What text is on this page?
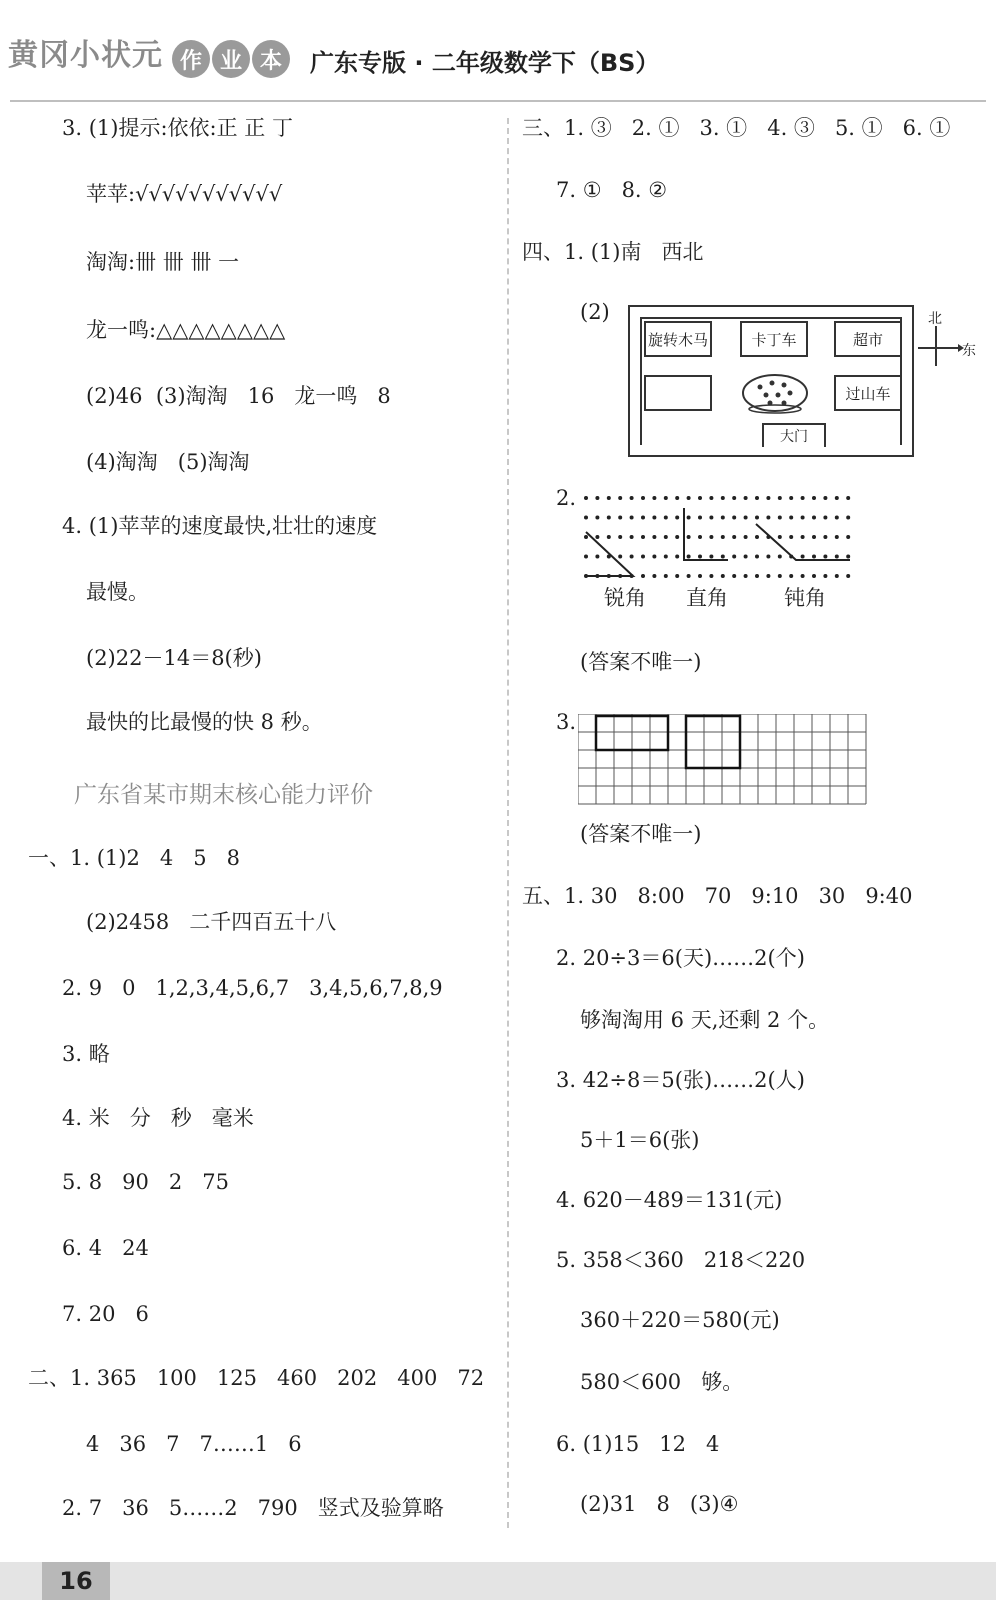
黄冈小状元 作 业 本	广东专版 · 二年级数学下（BS）
3. (1)提示:依依:正 正 丁
苹苹:√√√√√√√√√√√
淘淘:卌 卌 卌 一
龙一鸣:△△△△△△△△
(2)46  (3)淘淘   16   龙一鸣   8
(4)淘淘   (5)淘淘
4. (1)苹苹的速度最快,壮壮的速度
最慢。
(2)22－14＝8(秒)
最快的比最慢的快 8 秒。
广东省某市期末核心能力评价
一、1. (1)2   4   5   8
(2)2458   二千四百五十八
2. 9   0   1,2,3,4,5,6,7   3,4,5,6,7,8,9
3. 略
4. 米   分   秒   毫米
5. 8   90   2   75
6. 4   24
7. 20   6
二、1. 365   100   125   460   202   400   72
4   36   7   7……1   6
2. 7   36   5……2   790   竖式及验算略
三、1. ③   2. ①   3. ①   4. ③   5. ①   6. ①
7. ①   8. ②
四、1. (1)南   西北
(2)
旋转木马	卡丁车	超市
过山车
大门
北
东
2.
锐角 直角	钝角
(答案不唯一)
3.
(答案不唯一)
五、1. 30   8:00   70   9:10   30   9:40
2. 20÷3＝6(天)……2(个)
够淘淘用 6 天,还剩 2 个。
3. 42÷8＝5(张)……2(人)
5＋1＝6(张)
4. 620－489＝131(元)
5. 358＜360   218＜220
360＋220＝580(元)
580＜600   够。
6. (1)15   12   4
(2)31   8   (3)④
16
